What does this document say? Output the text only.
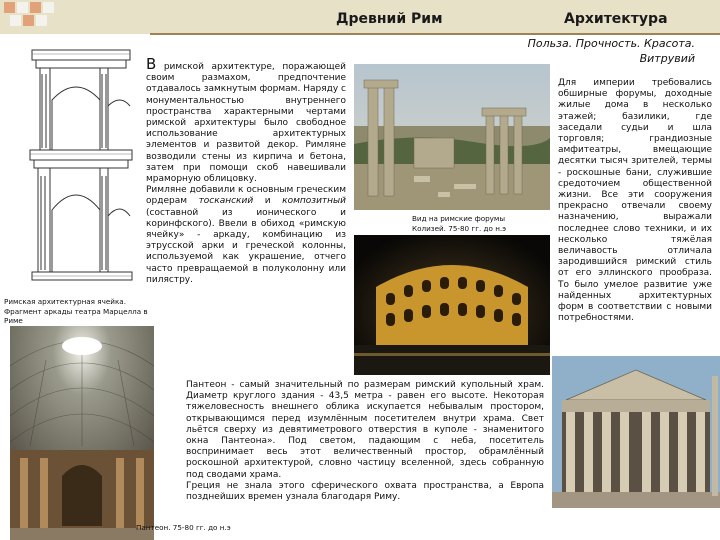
Древний Рим	Архитектура
Польза. Прочность. Красота.
Витрувий

В римской архитектуре, поражающей своим размахом, предпочтение отдавалось замкнутым формам. Наряду с монументальностью внутреннего пространства характерными чертами римской архитектуры было свободное использование архитектурных элементов и развитой декор. Римляне возводили стены из кирпича и бетона, затем при помощи скоб навешивали мраморную облицовку.

Римляне добавили к основным греческим ордерам тосканский и композитный (составной из ионического и коринфского). Ввели в обиход «римскую ячейку» - аркаду, комбинацию из этрусской арки и греческой колонны, используемой как украшение, отчего часто превращаемой в полуколонну или пилястру.

Римская архитектурная ячейка. Фрагмент аркады театра Марцелла в Риме

Вид на римские форумы

Колизей. 75-80 гг. до н.э

Для империи требовались обширные форумы, доходные жилые дома в несколько этажей; базилики, где заседали судьи и шла торговля; грандиозные амфитеатры, вмещающие десятки тысяч зрителей, термы - роскошные бани, служившие средоточием общественной жизни. Все эти сооружения прекрасно отвечали своему назначению, выражали последнее слово техники, и их несколько тяжёлая величавость отличала зародившийся римский стиль от его эллинского прообраза. То было умелое развитие уже найденных архитектурных форм в соответствии с новыми потребностями.

Пантеон - самый значительный по размерам римский купольный храм. Диаметр круглого здания - 43,5 метра - равен его высоте. Некоторая тяжеловесность внешнего облика искупается небывалым простором, открывающимся перед изумлённым посетителем внутри храма. Свет льётся сверху из девятиметрового отверстия в куполе - знаменитого окна Пантеона». Под светом, падающим с неба, посетитель воспринимает весь этот величественный простор, обрамлённый роскошной архитектурой, словно частицу вселенной, здесь собранную под сводами храма.

Греция не знала этого сферического охвата пространства, а Европа позднейших времен узнала благодаря Риму.

Пантеон. 75-80 гг. до н.э
